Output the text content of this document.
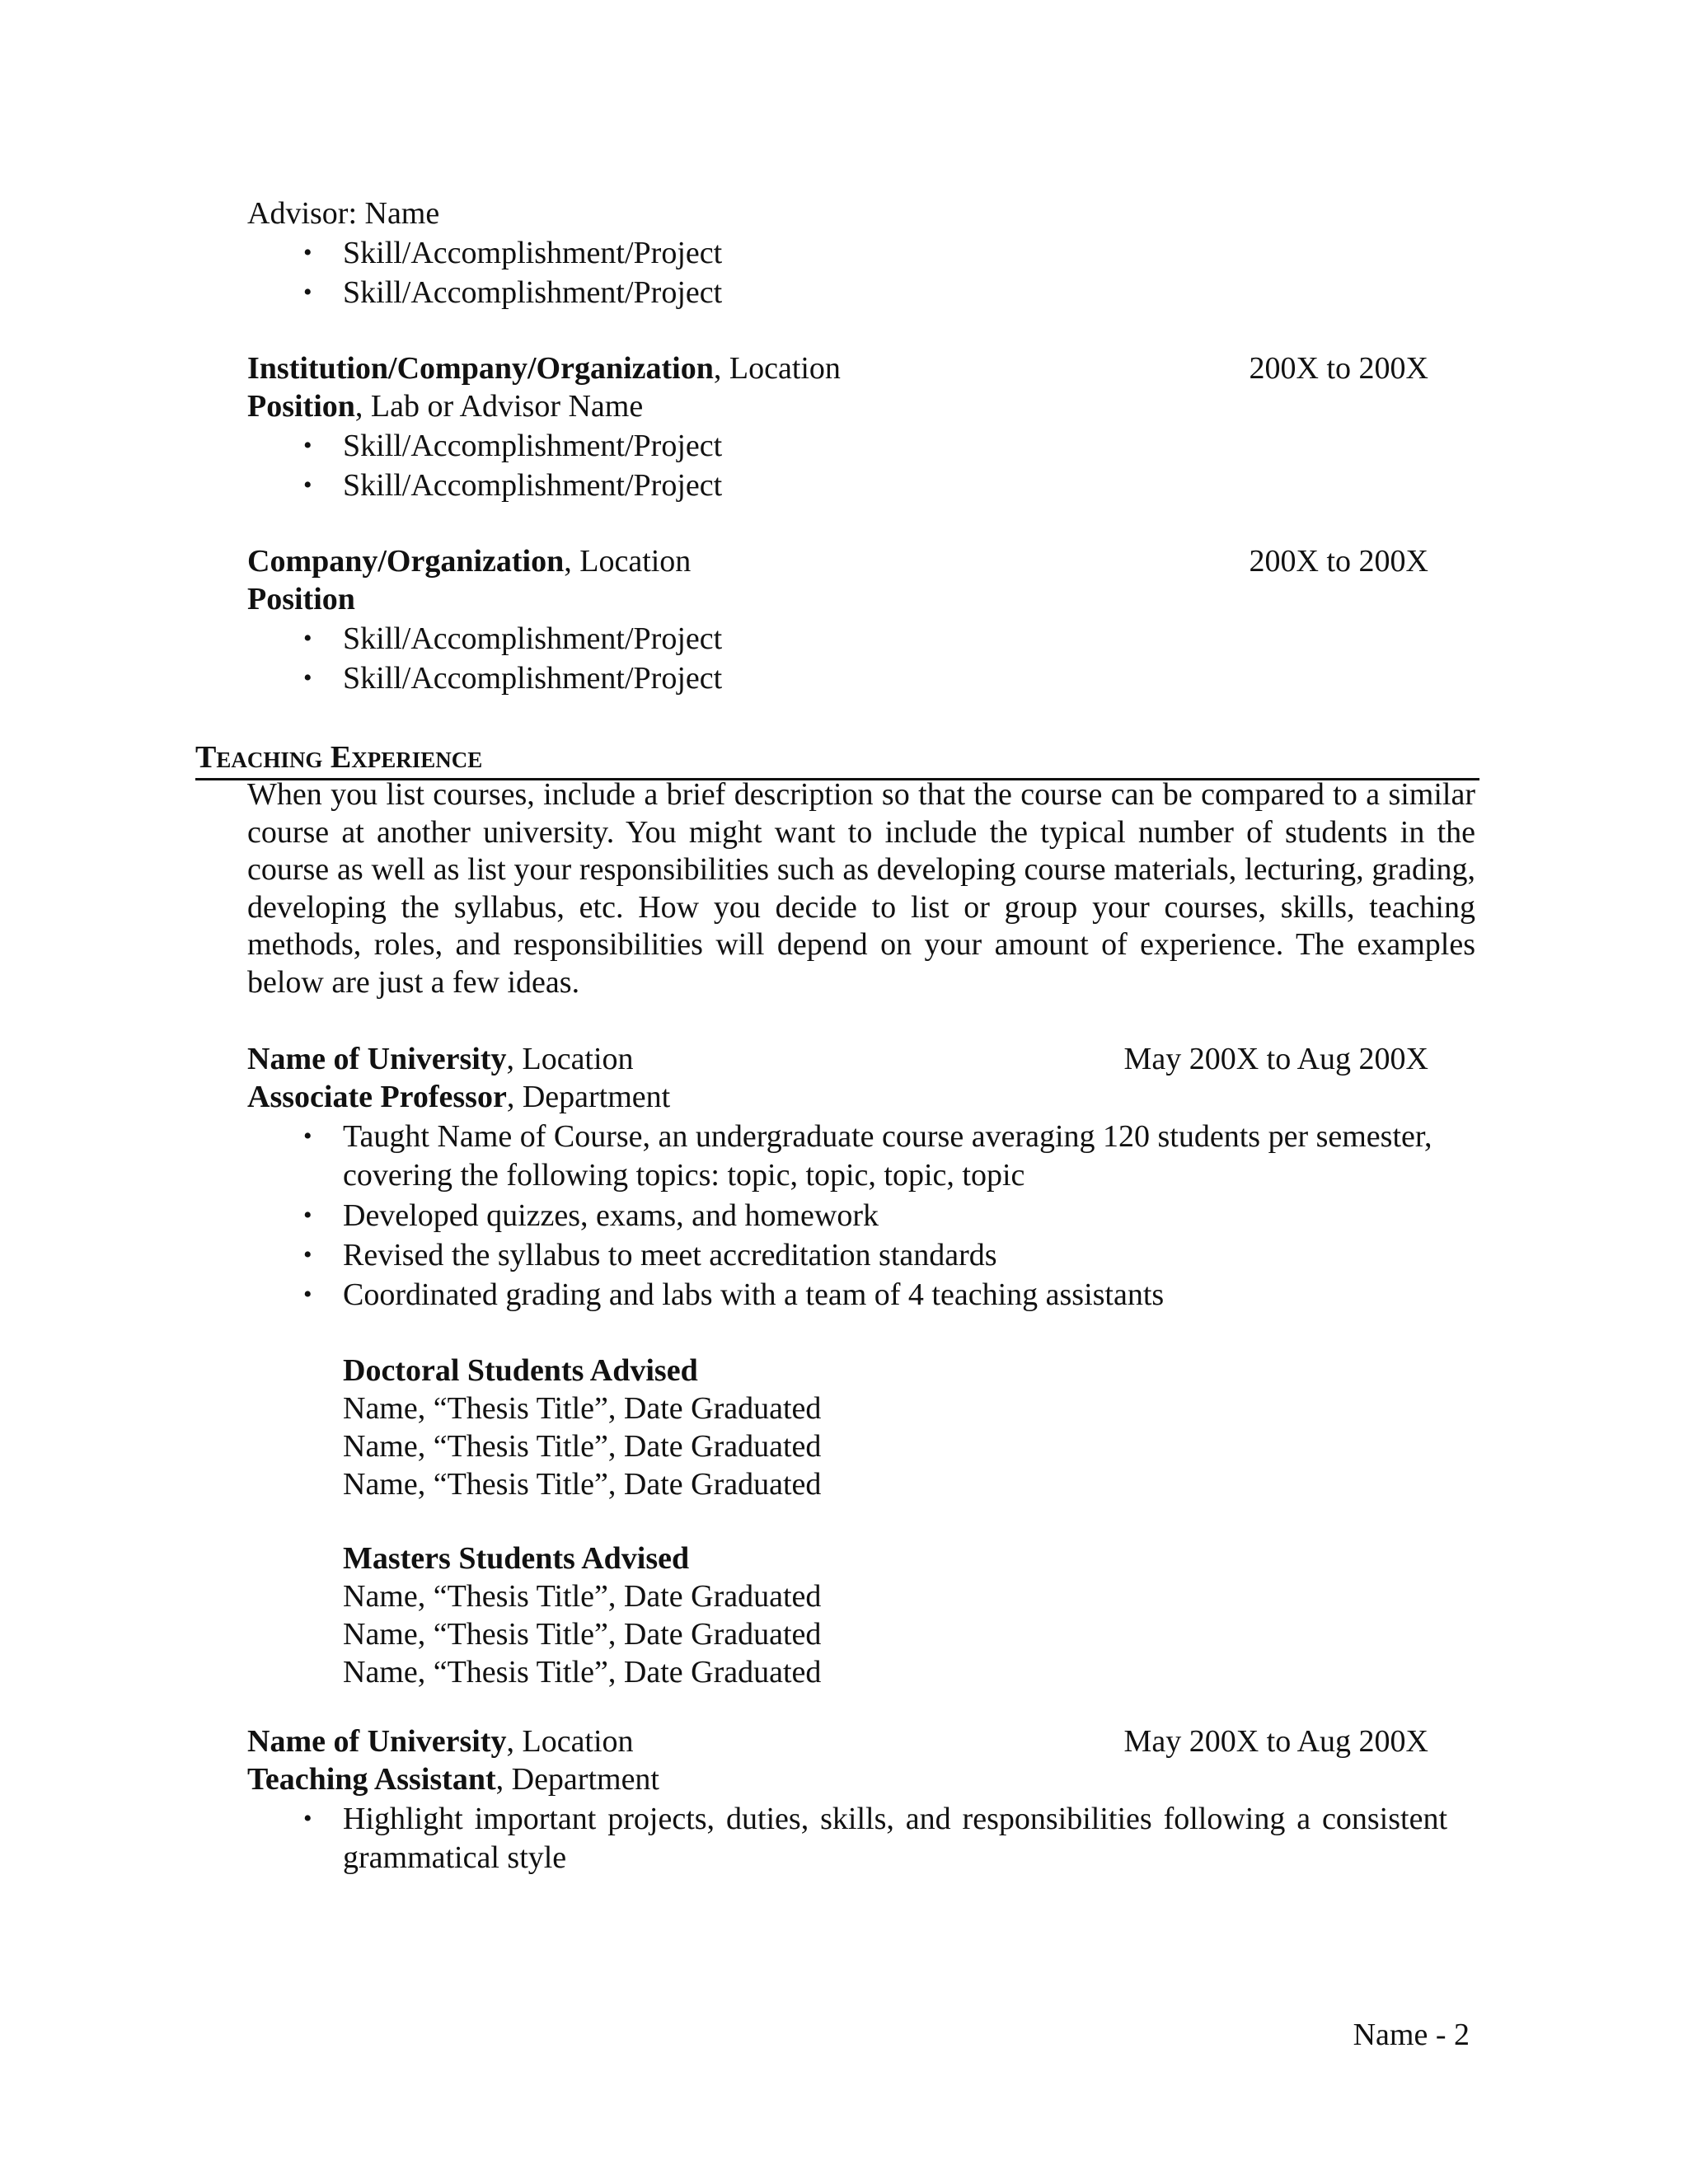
Advisor: Name

• Skill/Accomplishment/Project

• Skill/Accomplishment/Project

Institution/Company/Organization, Location	200X to 200X

Position, Lab or Advisor Name

• Skill/Accomplishment/Project

• Skill/Accomplishment/Project

Company/Organization, Location	200X to 200X

Position

• Skill/Accomplishment/Project

• Skill/Accomplishment/Project

Teaching Experience

When you list courses, include a brief description so that the course can be compared to a similar course at another university. You might want to include the typical number of students in the course as well as list your responsibilities such as developing course materials, lecturing, grading, developing the syllabus, etc. How you decide to list or group your courses, skills, teaching methods, roles, and responsibilities will depend on your amount of experience. The examples below are just a few ideas.

Name of University, Location	May 200X to Aug 200X

Associate Professor, Department

• Taught Name of Course, an undergraduate course averaging 120 students per semester, covering the following topics: topic, topic, topic, topic

• Developed quizzes, exams, and homework

• Revised the syllabus to meet accreditation standards

• Coordinated grading and labs with a team of 4 teaching assistants

Doctoral Students Advised

Name, “Thesis Title”, Date Graduated

Name, “Thesis Title”, Date Graduated

Name, “Thesis Title”, Date Graduated

Masters Students Advised

Name, “Thesis Title”, Date Graduated

Name, “Thesis Title”, Date Graduated

Name, “Thesis Title”, Date Graduated

Name of University, Location	May 200X to Aug 200X

Teaching Assistant, Department

• Highlight important projects, duties, skills, and responsibilities following a consistent grammatical style

Name - 2
